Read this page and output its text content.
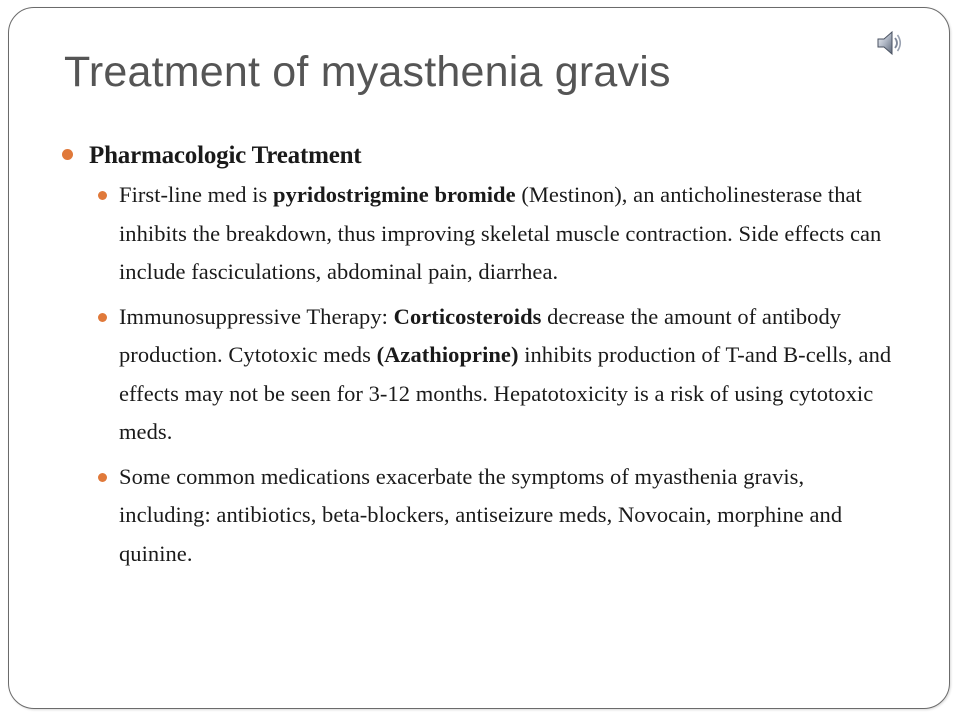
Treatment of myasthenia gravis
Pharmacologic Treatment
First-line med is pyridostrigmine bromide (Mestinon), an anticholinesterase that inhibits the breakdown, thus improving skeletal muscle contraction. Side effects can include fasciculations, abdominal pain, diarrhea.
Immunosuppressive Therapy: Corticosteroids decrease the amount of antibody production. Cytotoxic meds (Azathioprine) inhibits production of T-and B-cells, and effects may not be seen for 3-12 months. Hepatotoxicity is a risk of using cytotoxic meds.
Some common medications exacerbate the symptoms of myasthenia gravis, including: antibiotics, beta-blockers, antiseizure meds, Novocain, morphine and quinine.
